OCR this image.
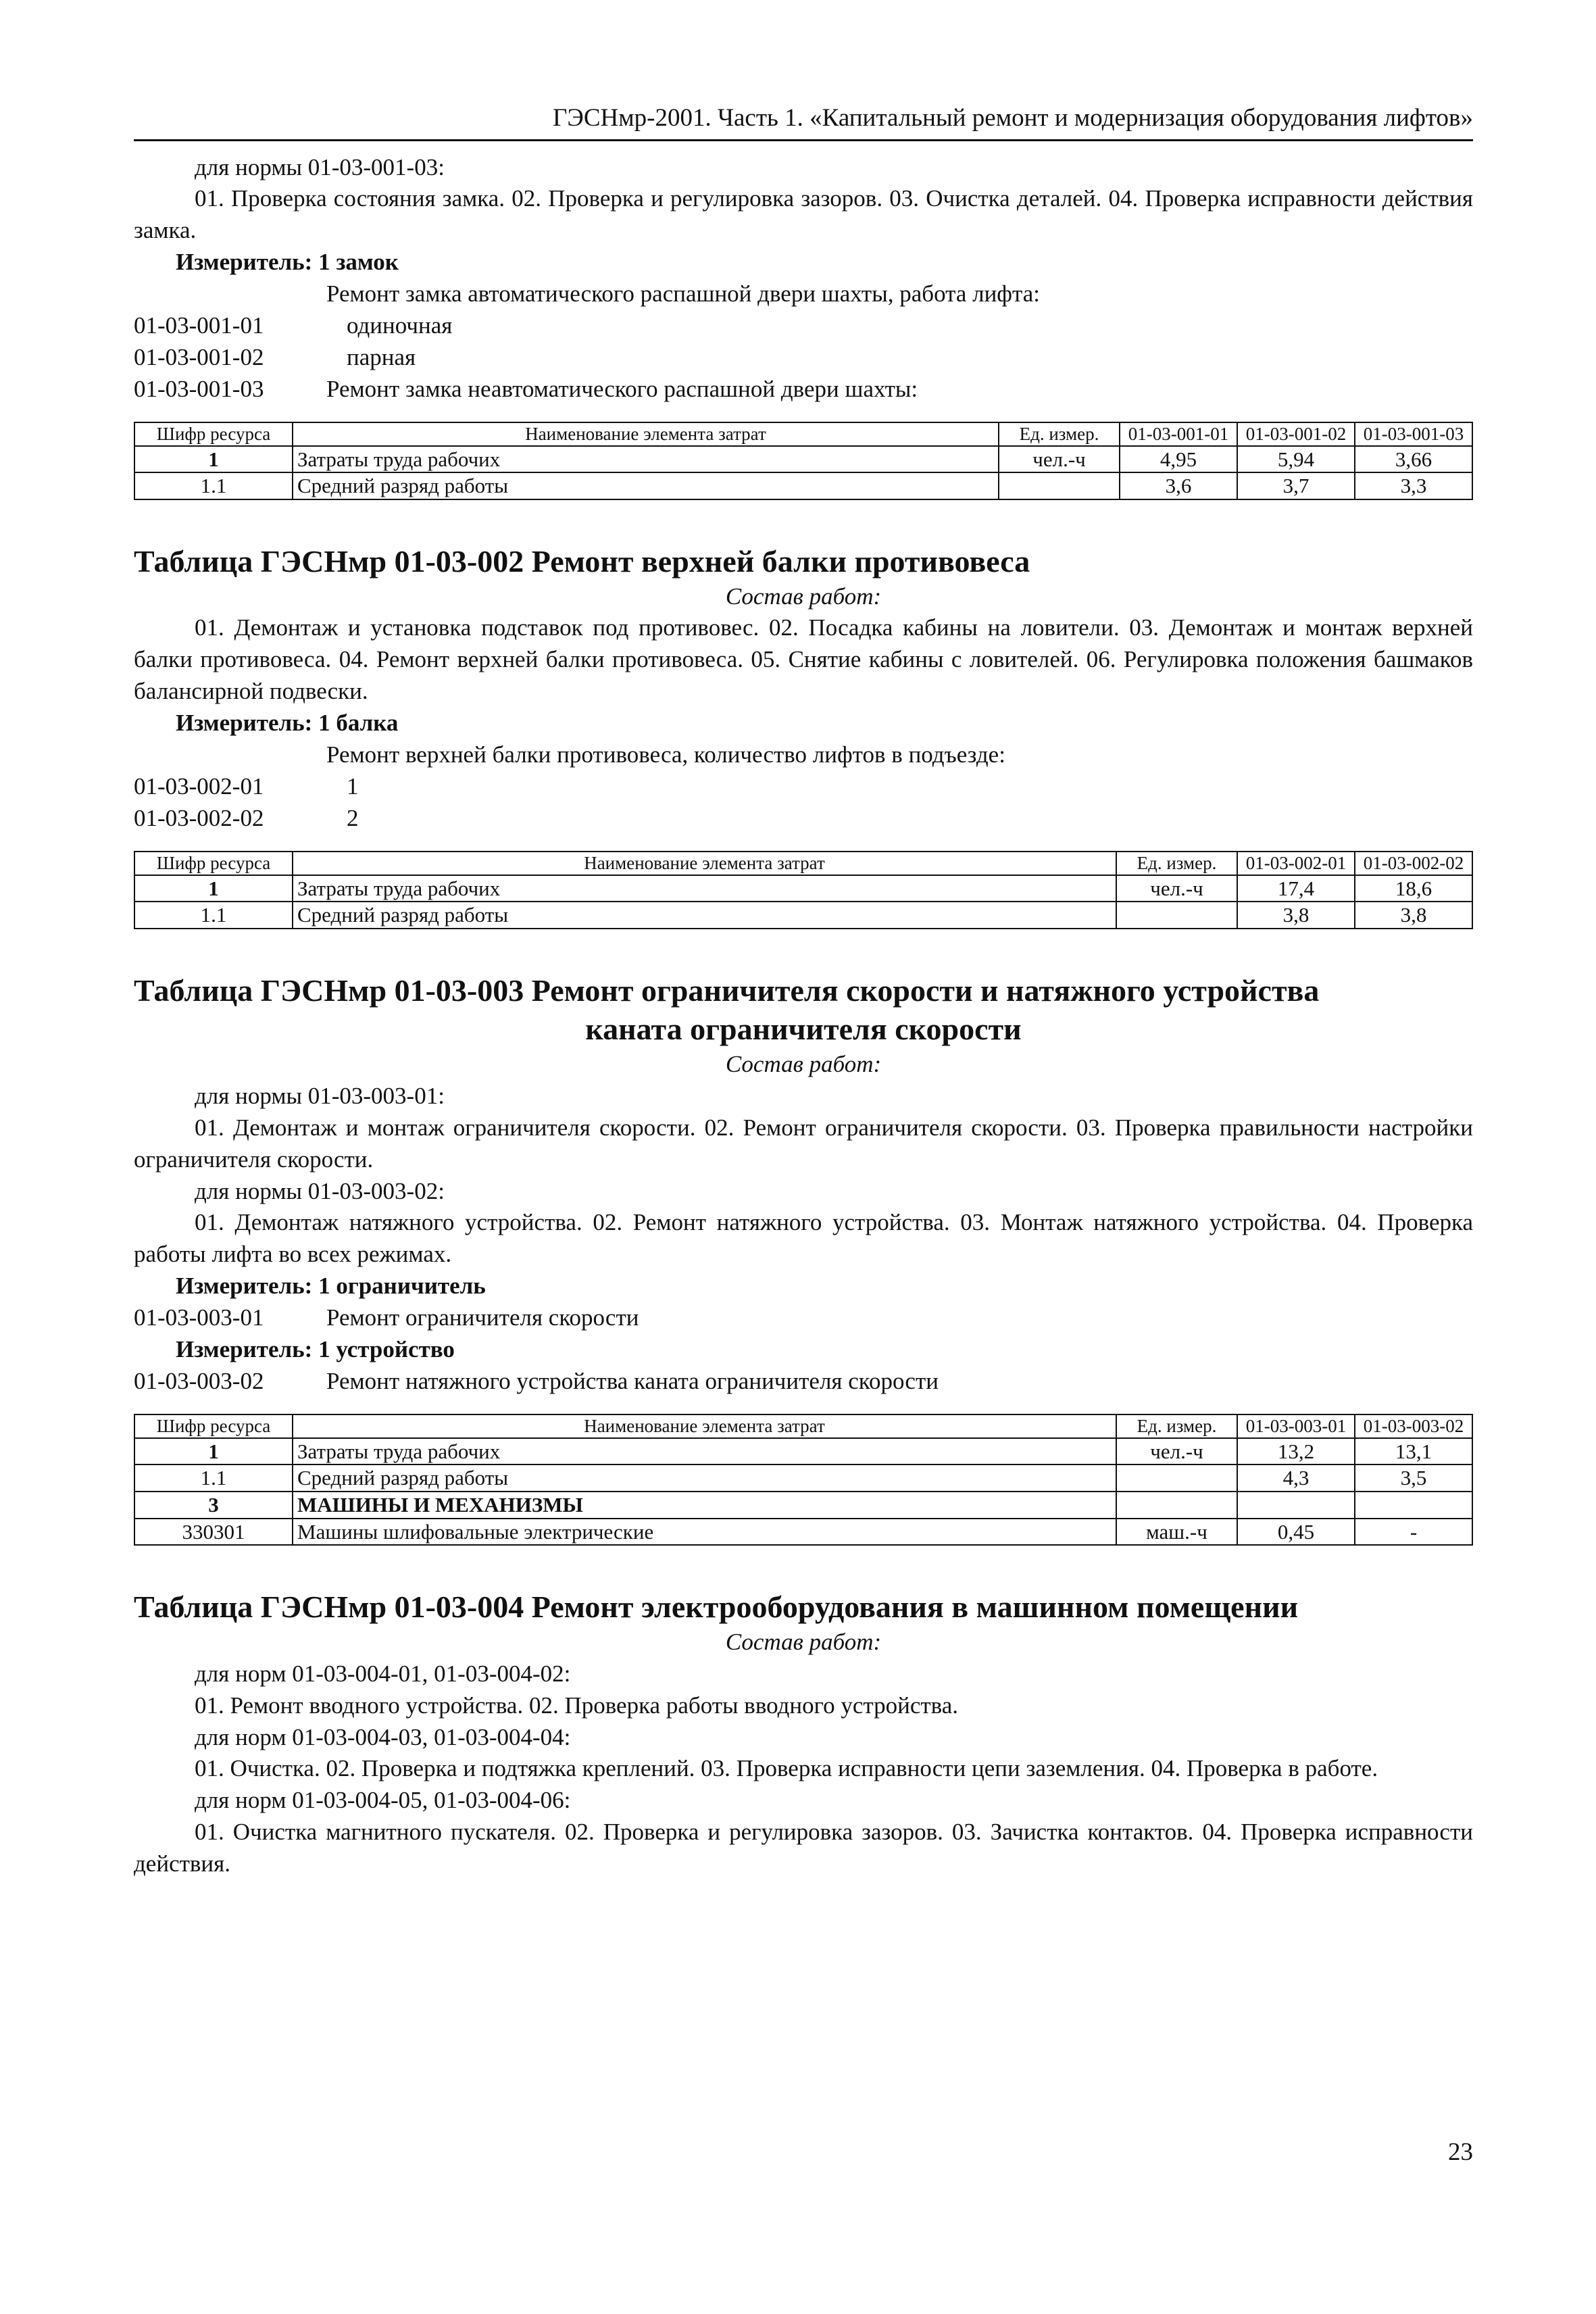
ГЭСНмр-2001. Часть 1. «Капитальный ремонт и модернизация оборудования лифтов»

для нормы 01-03-001-03:

01. Проверка состояния замка. 02. Проверка и регулировка зазоров. 03. Очистка деталей. 04. Проверка исправности действия замка.

Измеритель: 1 замок

Ремонт замка автоматического распашной двери шахты, работа лифта:

01-03-001-01	одиночная
01-03-001-02	парная
01-03-001-03	Ремонт замка неавтоматического распашной двери шахты:
Шифр ресурса	Наименование элемента затрат	Ед. измер.	01-03-001-01	01-03-001-02	01-03-001-03
1	Затраты труда рабочих	чел.-ч	4,95	5,94	3,66
1.1	Средний разряд работы		3,6	3,7	3,3

Таблица ГЭСНмр 01-03-002 Ремонт верхней балки противовеса

Состав работ:

01. Демонтаж и установка подставок под противовес. 02. Посадка кабины на ловители. 03. Демонтаж и монтаж верхней балки противовеса. 04. Ремонт верхней балки противовеса. 05. Снятие кабины с ловителей. 06. Регулировка положения башмаков балансирной подвески.

Измеритель: 1 балка

Ремонт верхней балки противовеса, количество лифтов в подъезде:

01-03-002-01	1
01-03-002-02	2
Шифр ресурса	Наименование элемента затрат	Ед. измер.	01-03-002-01	01-03-002-02
1	Затраты труда рабочих	чел.-ч	17,4	18,6
1.1	Средний разряд работы		3,8	3,8

Таблица ГЭСНмр 01-03-003 Ремонт ограничителя скорости и натяжного устройства

каната ограничителя скорости

Состав работ:

для нормы 01-03-003-01:

01. Демонтаж и монтаж ограничителя скорости. 02. Ремонт ограничителя скорости. 03. Проверка правильности настройки ограничителя скорости.

для нормы 01-03-003-02:

01. Демонтаж натяжного устройства. 02. Ремонт натяжного устройства. 03. Монтаж натяжного устройства. 04. Проверка работы лифта во всех режимах.

Измеритель: 1 ограничитель

01-03-003-01	Ремонт ограничителя скорости

Измеритель: 1 устройство

01-03-003-02	Ремонт натяжного устройства каната ограничителя скорости
Шифр ресурса	Наименование элемента затрат	Ед. измер.	01-03-003-01	01-03-003-02
1	Затраты труда рабочих	чел.-ч	13,2	13,1
1.1	Средний разряд работы		4,3	3,5
3	МАШИНЫ И МЕХАНИЗМЫ			
330301	Машины шлифовальные электрические	маш.-ч	0,45	-

Таблица ГЭСНмр 01-03-004 Ремонт электрооборудования в машинном помещении

Состав работ:

для норм 01-03-004-01, 01-03-004-02:

01. Ремонт вводного устройства. 02. Проверка работы вводного устройства.

для норм 01-03-004-03, 01-03-004-04:

01. Очистка. 02. Проверка и подтяжка креплений. 03. Проверка исправности цепи заземления. 04. Проверка в работе.

для норм 01-03-004-05, 01-03-004-06:

01. Очистка магнитного пускателя. 02. Проверка и регулировка зазоров. 03. Зачистка контактов. 04. Проверка исправности действия.

23
